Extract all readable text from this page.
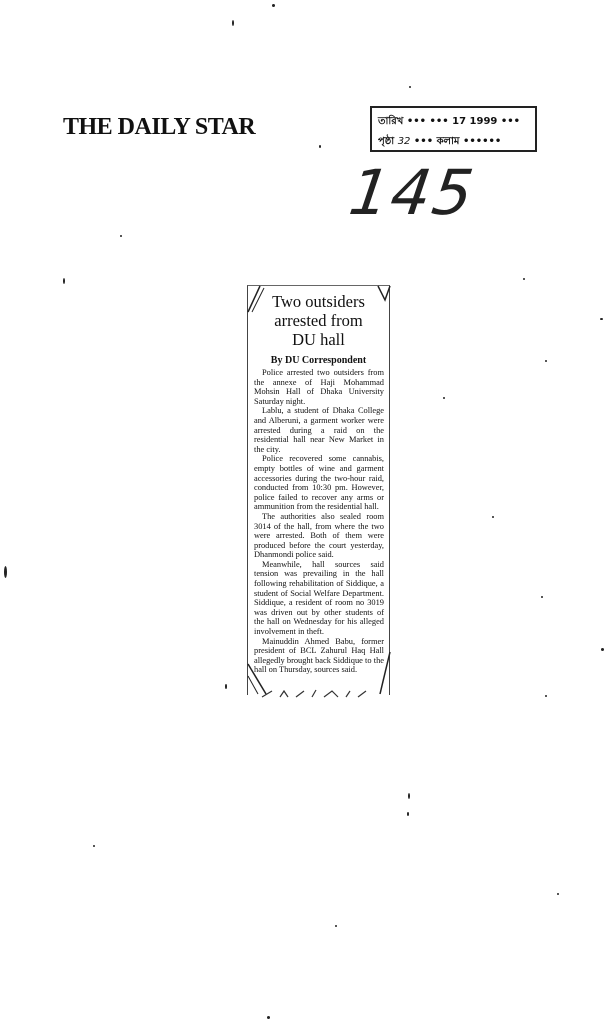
THE DAILY STAR	তারিখ ••• ••• 17 1999 •••
পৃষ্ঠা 32 ••• কলাম ••••••
145
Two outsiders
arrested from
DU hall
By DU Correspondent

Police arrested two outsiders from the annexe of Haji Mohammad Mohsin Hall of Dhaka University Saturday night.

Lablu, a student of Dhaka College and Alberuni, a garment worker were arrested during a raid on the residential hall near New Market in the city.

Police recovered some cannabis, empty bottles of wine and garment accessories during the two-hour raid, conducted from 10:30 pm. However, police failed to recover any arms or ammunition from the residential hall.

The authorities also sealed room 3014 of the hall, from where the two were arrested. Both of them were produced before the court yesterday, Dhanmondi police said.

Meanwhile, hall sources said tension was prevailing in the hall following rehabilitation of Siddique, a student of Social Welfare Department. Siddique, a resident of room no 3019 was driven out by other students of the hall on Wednesday for his alleged involvement in theft.

Mainuddin Ahmed Babu, former president of BCL Zahurul Haq Hall allegedly brought back Siddique to the hall on Thursday, sources said.
